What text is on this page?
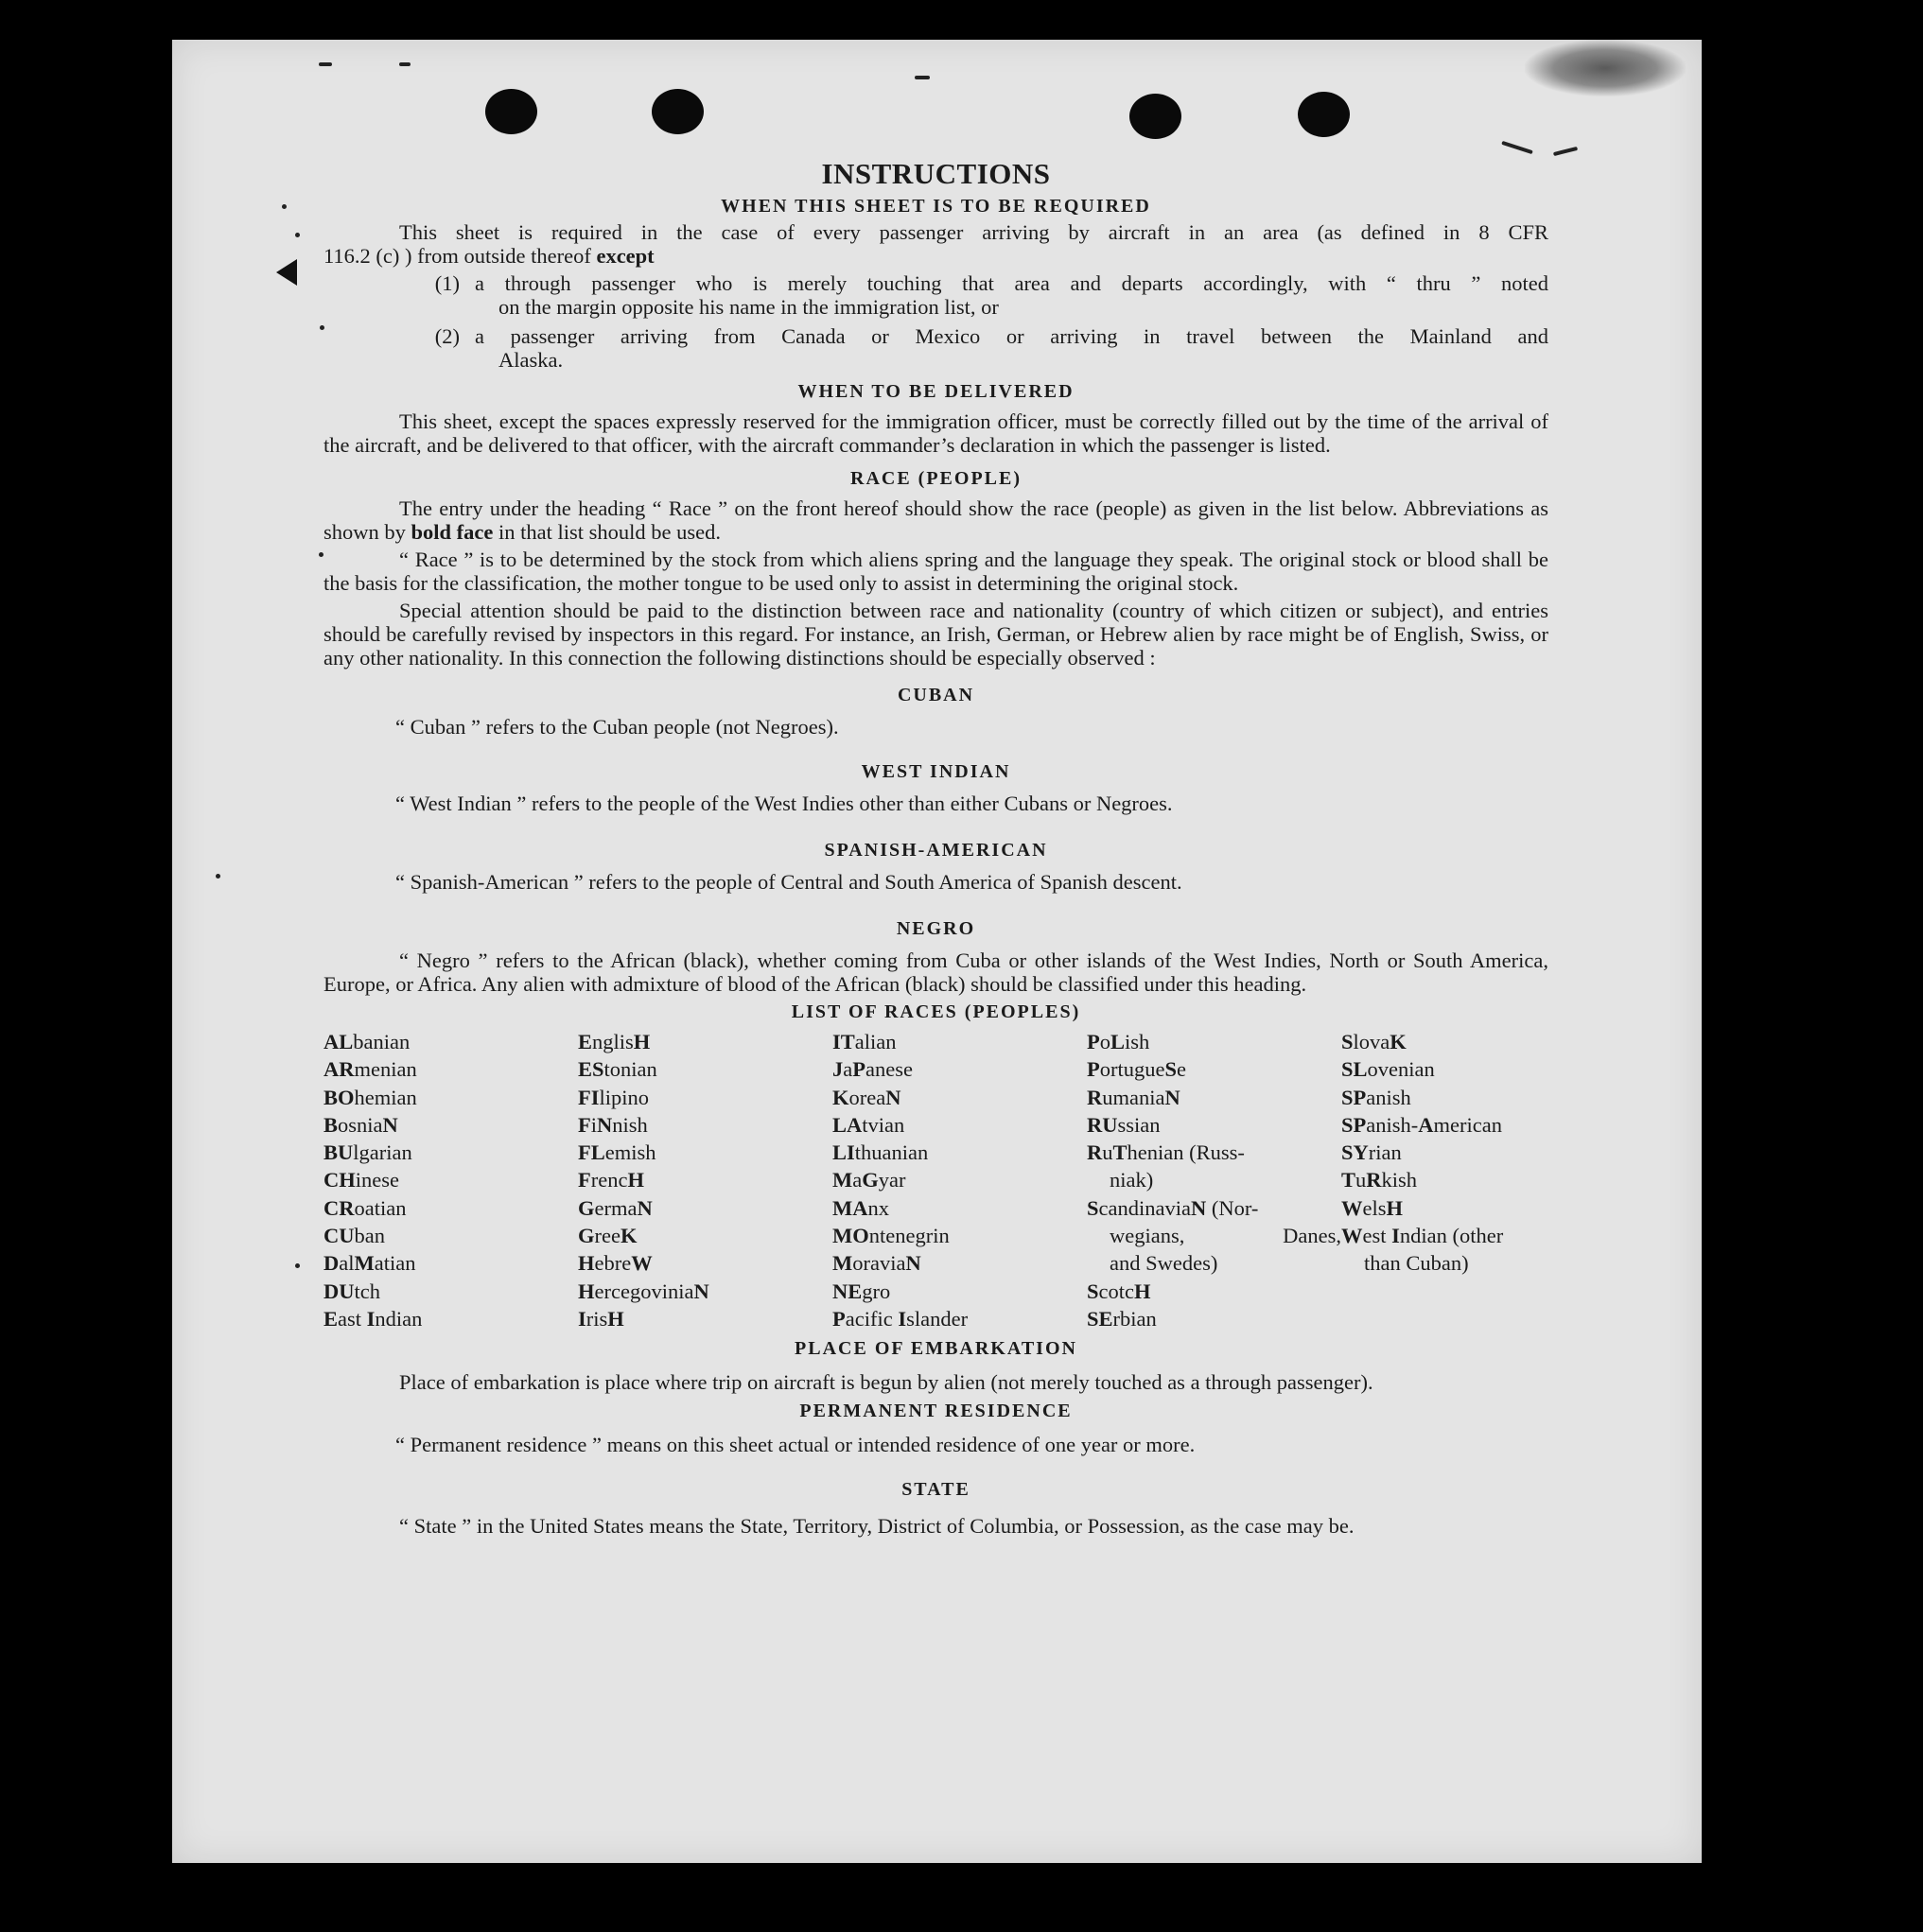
INSTRUCTIONS
WHEN THIS SHEET IS TO BE REQUIRED

This sheet is required in the case of every passenger arriving by aircraft in an area (as defined in 8 CFR

116.2 (c) ) from outside thereof except

(1) a through passenger who is merely touching that area and departs accordingly, with “ thru ” noted
on the margin opposite his name in the immigration list, or
(2) a passenger arriving from Canada or Mexico or arriving in travel between the Mainland and
Alaska.
WHEN TO BE DELIVERED

This sheet, except the spaces expressly reserved for the immigration officer, must be correctly filled out by the time of the arrival of the aircraft, and be delivered to that officer, with the aircraft commander’s declaration in which the passenger is listed.

RACE (PEOPLE)

The entry under the heading “ Race ” on the front hereof should show the race (people) as given in the list below. Abbreviations as shown by bold face in that list should be used.

“ Race ” is to be determined by the stock from which aliens spring and the language they speak. The original stock or blood shall be the basis for the classification, the mother tongue to be used only to assist in determining the original stock.

Special attention should be paid to the distinction between race and nationality (country of which citizen or subject), and entries should be carefully revised by inspectors in this regard. For instance, an Irish, German, or Hebrew alien by race might be of English, Swiss, or any other nationality. In this connection the following distinctions should be especially observed :

CUBAN

“ Cuban ” refers to the Cuban people (not Negroes).

WEST INDIAN

“ West Indian ” refers to the people of the West Indies other than either Cubans or Negroes.

SPANISH-AMERICAN

“ Spanish-American ” refers to the people of Central and South America of Spanish descent.

NEGRO

“ Negro ” refers to the African (black), whether coming from Cuba or other islands of the West Indies, North or South America, Europe, or Africa. Any alien with admixture of blood of the African (black) should be classified under this heading.

LIST OF RACES (PEOPLES)
ALbanian
ARmenian
BOhemian
BosniaN
BUlgarian
CHinese
CRoatian
CUban
DalMatian
DUtch
East Indian
EnglisH
EStonian
FIlipino
FiNnish
FLemish
FrencH
GermaN
GreeK
HebreW
HercegoviniaN
IrisH
ITalian
JaPanese
KoreaN
LAtvian
LIthuanian
MaGyar
MAnx
MOntenegrin
MoraviaN
NEgro
Pacific Islander
PoLish
PortugueSe
RumaniaN
RUssian
RuThenian (Russ-
niak)
ScandinaviaN (Nor-
wegians,	Danes,
and Swedes)
ScotcH
SErbian
SlovaK
SLovenian
SPanish
SPanish-American
SYrian
TuRkish
WelsH
West Indian (other
than Cuban)
PLACE OF EMBARKATION

Place of embarkation is place where trip on aircraft is begun by alien (not merely touched as a through passenger).

PERMANENT RESIDENCE

“ Permanent residence ” means on this sheet actual or intended residence of one year or more.

STATE

“ State ” in the United States means the State, Territory, District of Columbia, or Possession, as the case may be.
